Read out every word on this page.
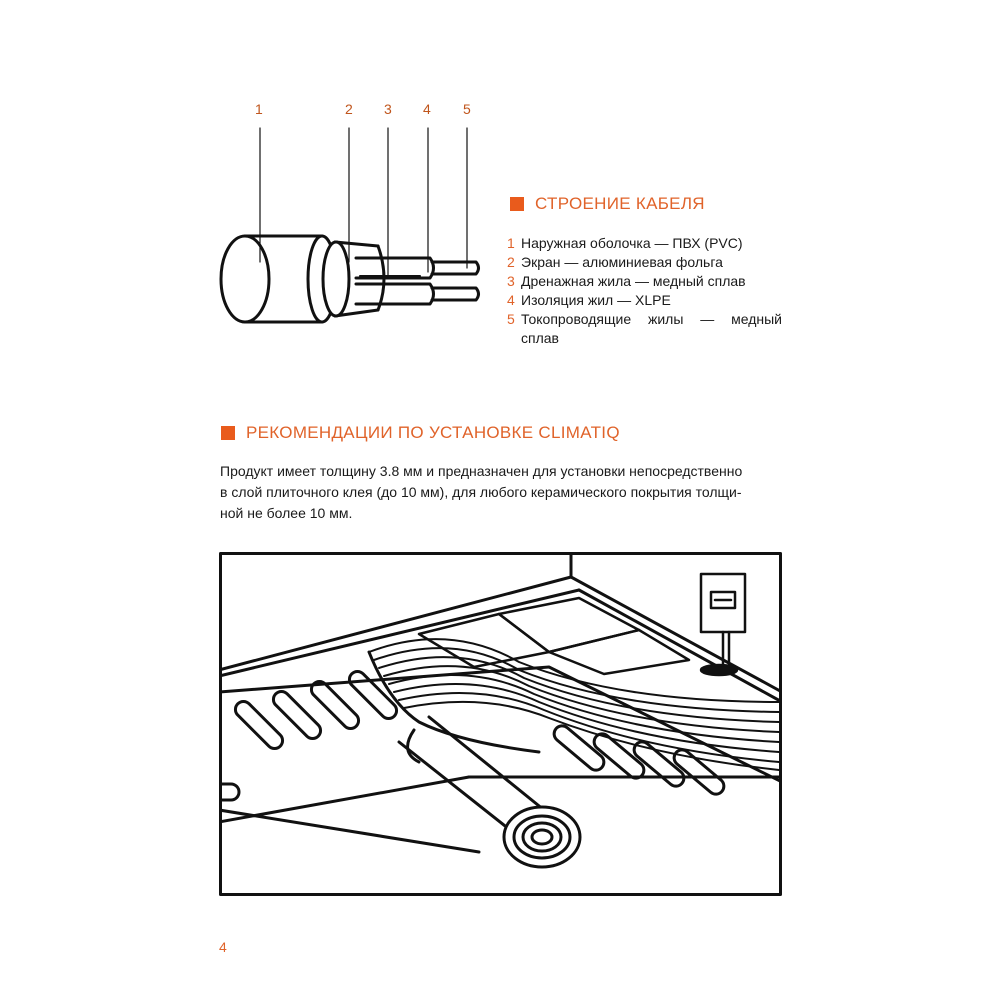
1	2 3 4 5
СТРОЕНИЕ КАБЕЛЯ
1 Наружная оболочка — ПВХ (PVC)
2 Экран — алюминиевая фольга
3 Дренажная жила — медный сплав
4 Изоляция жил — XLPE
5 Токопроводящие жилы — медный сплав
РЕКОМЕНДАЦИИ ПО УСТАНОВКЕ CLIMATIQ
Продукт имеет толщину 3.8 мм и предназначен для установки непосредственно
в слой плиточного клея (до 10 мм), для любого керамического покрытия толщи-
ной не более 10 мм.
4
